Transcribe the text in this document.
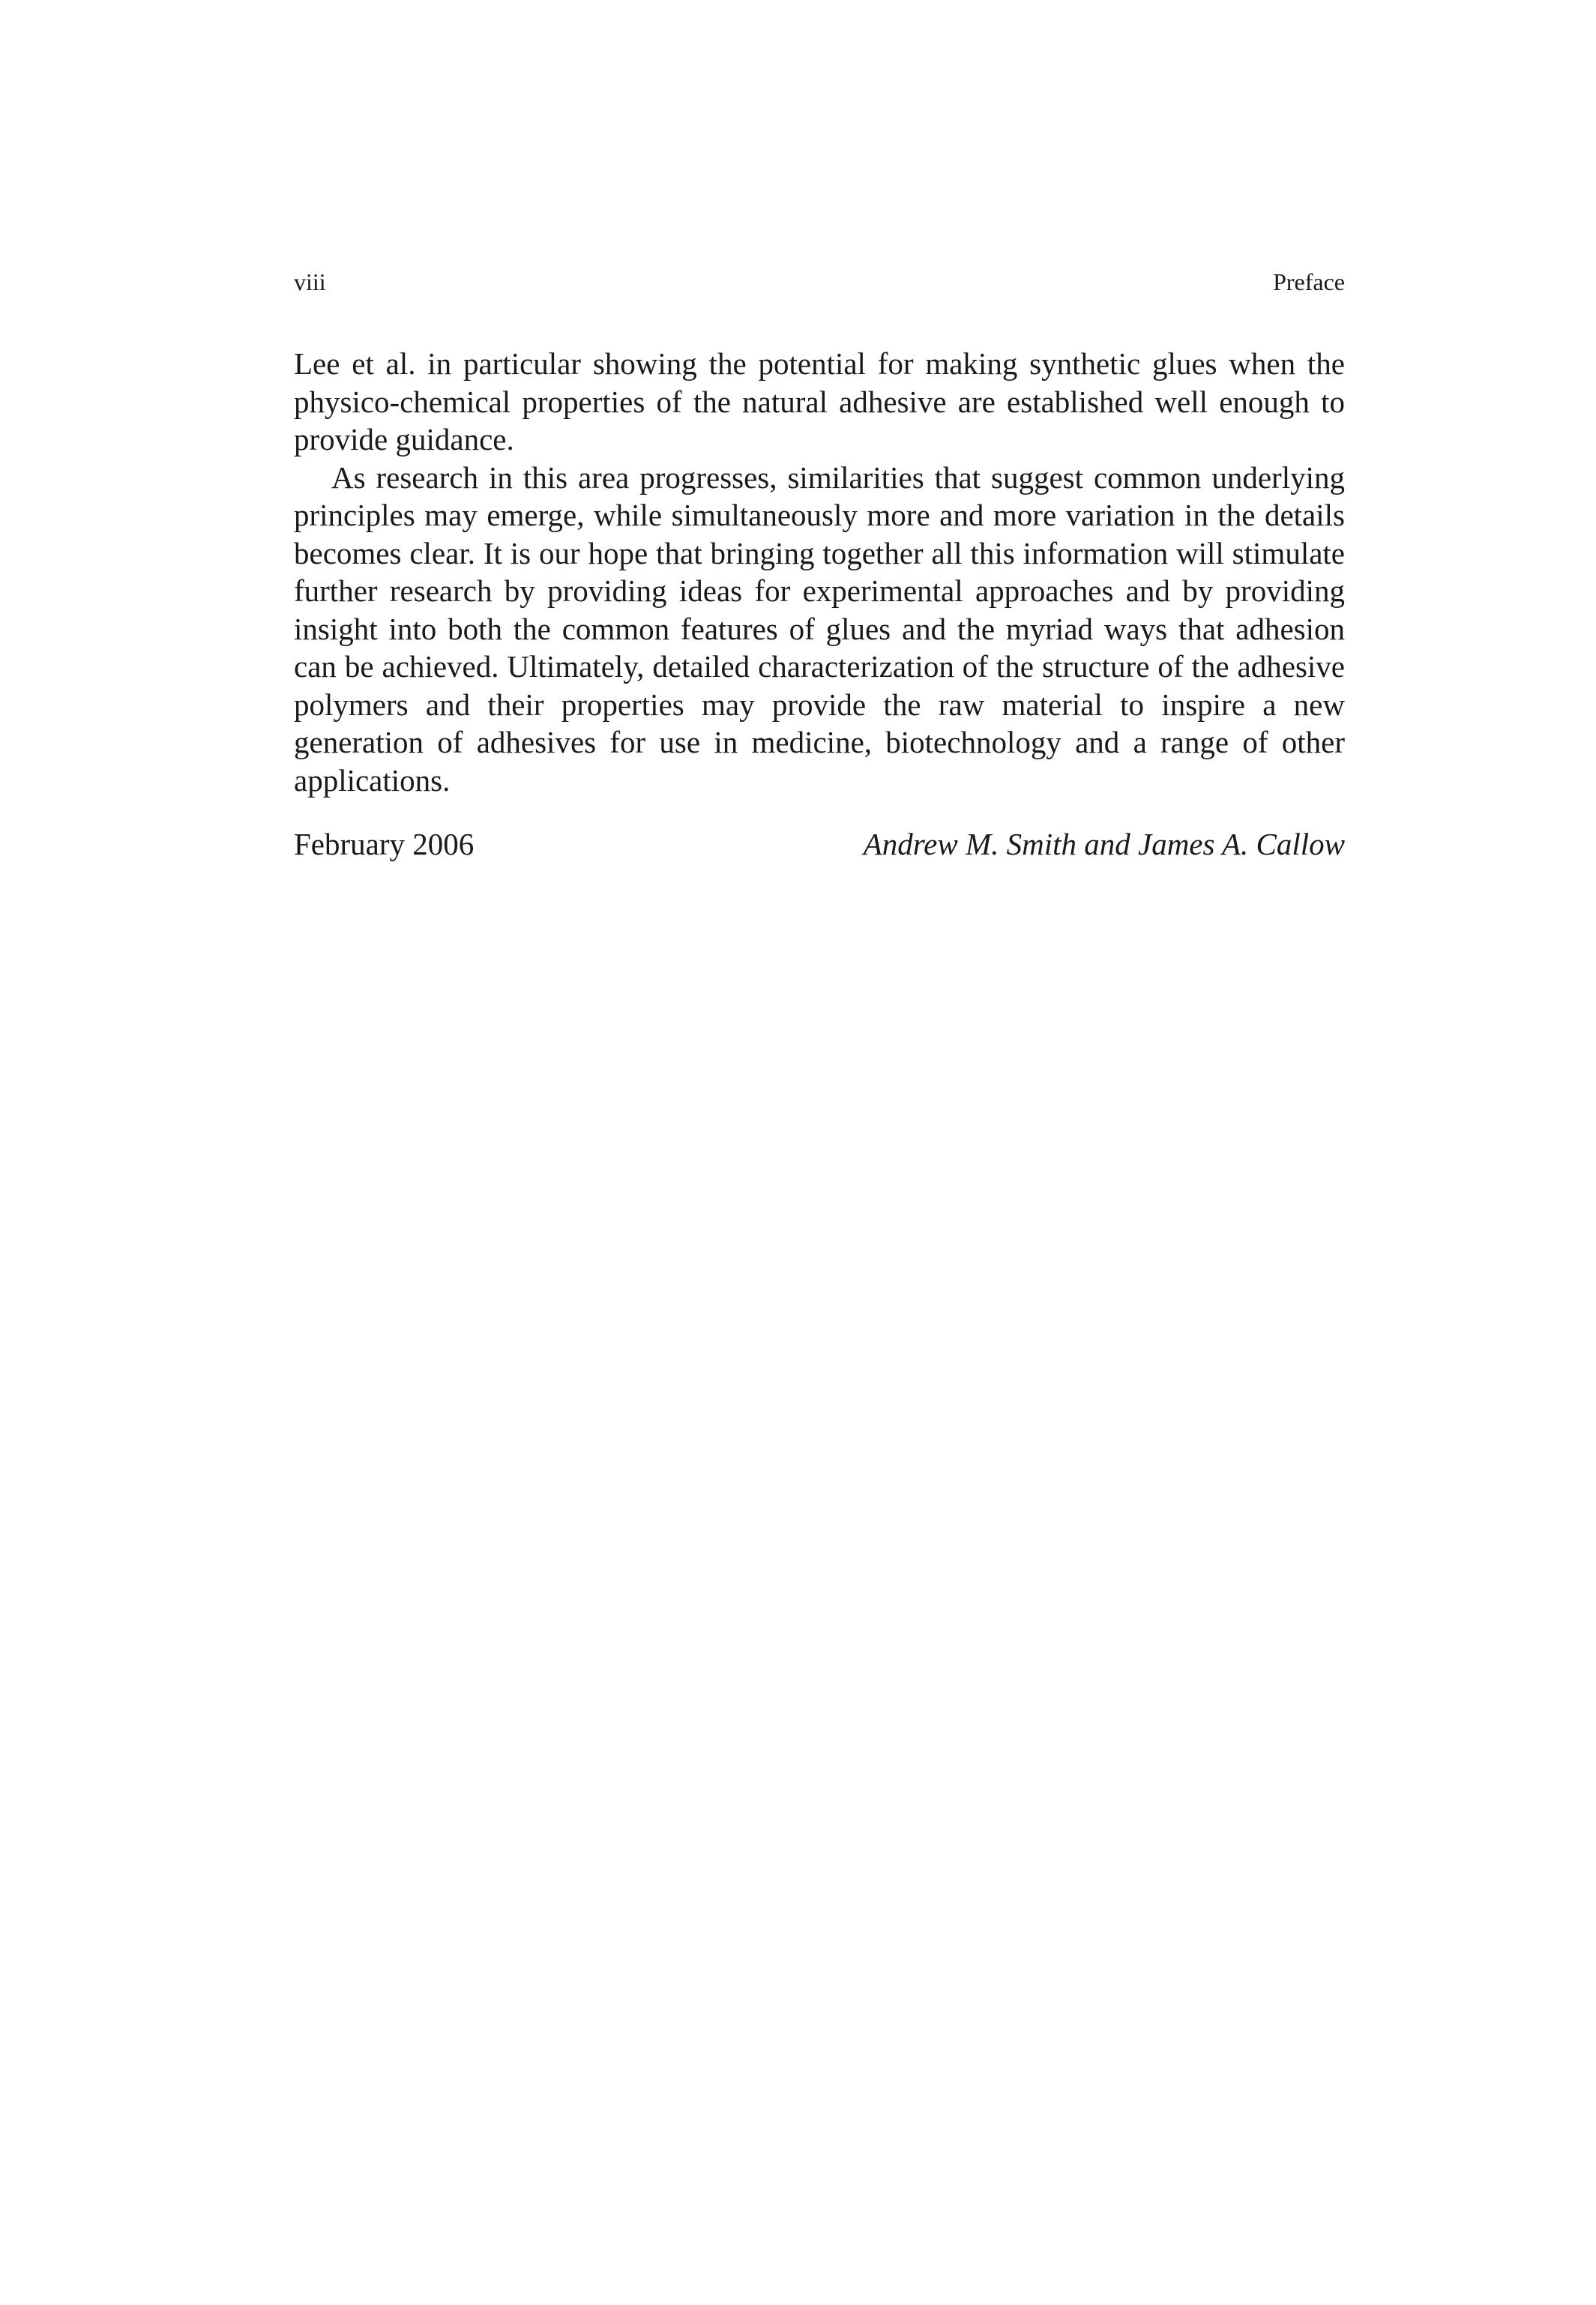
viii	Preface

Lee et al. in particular showing the potential for making synthetic glues when the physico-chemical properties of the natural adhesive are established well enough to provide guidance.

As research in this area progresses, similarities that suggest common underlying principles may emerge, while simultaneously more and more variation in the details becomes clear. It is our hope that bringing together all this information will stimulate further research by providing ideas for experimental approaches and by providing insight into both the common features of glues and the myriad ways that adhesion can be achieved. Ultimately, detailed characterization of the structure of the adhesive polymers and their properties may provide the raw material to inspire a new generation of adhesives for use in medicine, biotechnology and a range of other applications.

February 2006	Andrew M. Smith and James A. Callow
